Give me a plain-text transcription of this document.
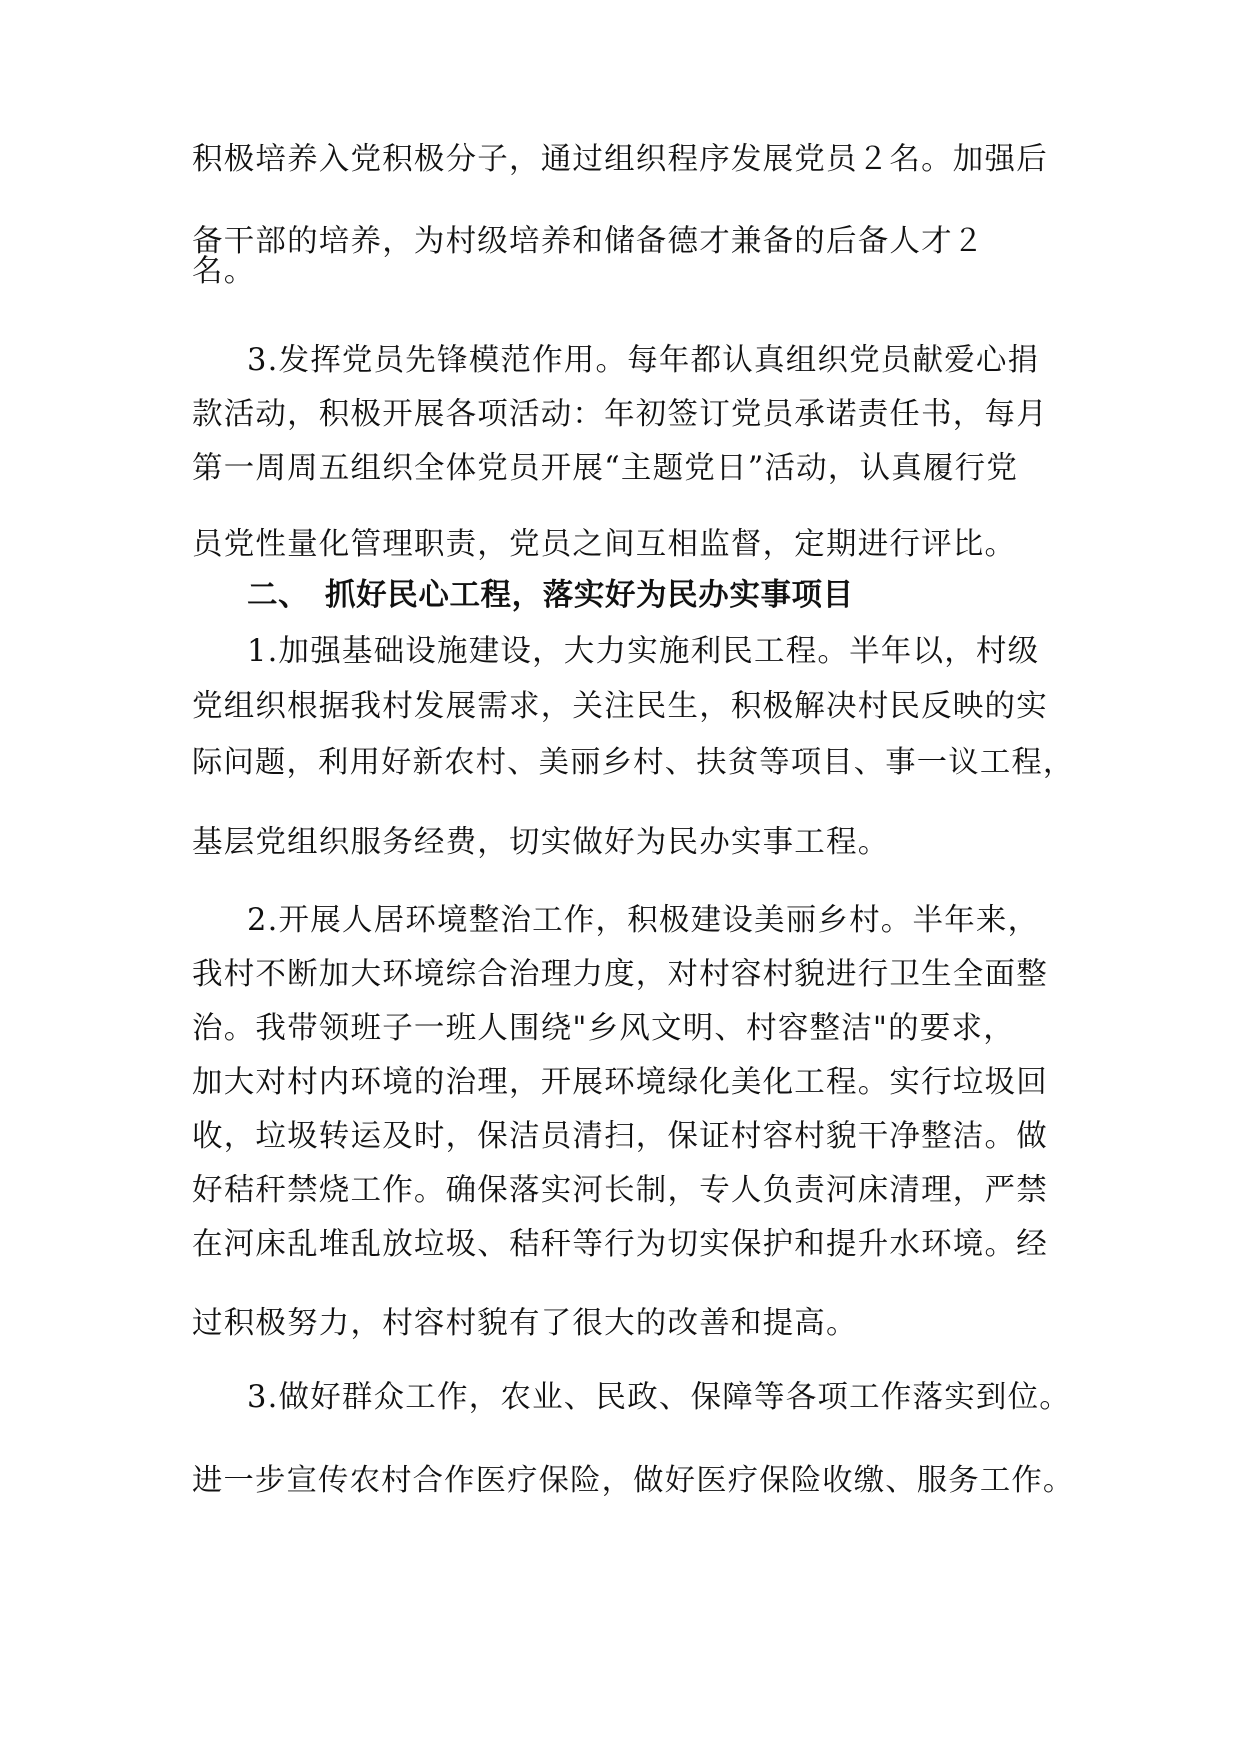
积极培养入党积极分子，通过组织程序发展党员２名。加强后

备干部的培养，为村级培养和储备德才兼备的后备人才２

名。

3.发挥党员先锋模范作用。每年都认真组织党员献爱心捐

款活动，积极开展各项活动：年初签订党员承诺责任书，每月

第一周周五组织全体党员开展“主题党日”活动，认真履行党

员党性量化管理职责，党员之间互相监督，定期进行评比。

二、　抓好民心工程，落实好为民办实事项目

1.加强基础设施建设，大力实施利民工程。半年以，村级

党组织根据我村发展需求，关注民生，积极解决村民反映的实

际问题，利用好新农村、美丽乡村、扶贫等项目、事一议工程，

基层党组织服务经费，切实做好为民办实事工程。

2.开展人居环境整治工作，积极建设美丽乡村。半年来，

我村不断加大环境综合治理力度，对村容村貌进行卫生全面整

治。我带领班子一班人围绕"乡风文明、村容整洁"的要求，

加大对村内环境的治理，开展环境绿化美化工程。实行垃圾回

收，垃圾转运及时，保洁员清扫，保证村容村貌干净整洁。做

好秸秆禁烧工作。确保落实河长制，专人负责河床清理，严禁

在河床乱堆乱放垃圾、秸秆等行为切实保护和提升水环境。经

过积极努力，村容村貌有了很大的改善和提高。

3.做好群众工作，农业、民政、保障等各项工作落实到位。

进一步宣传农村合作医疗保险，做好医疗保险收缴、服务工作。
